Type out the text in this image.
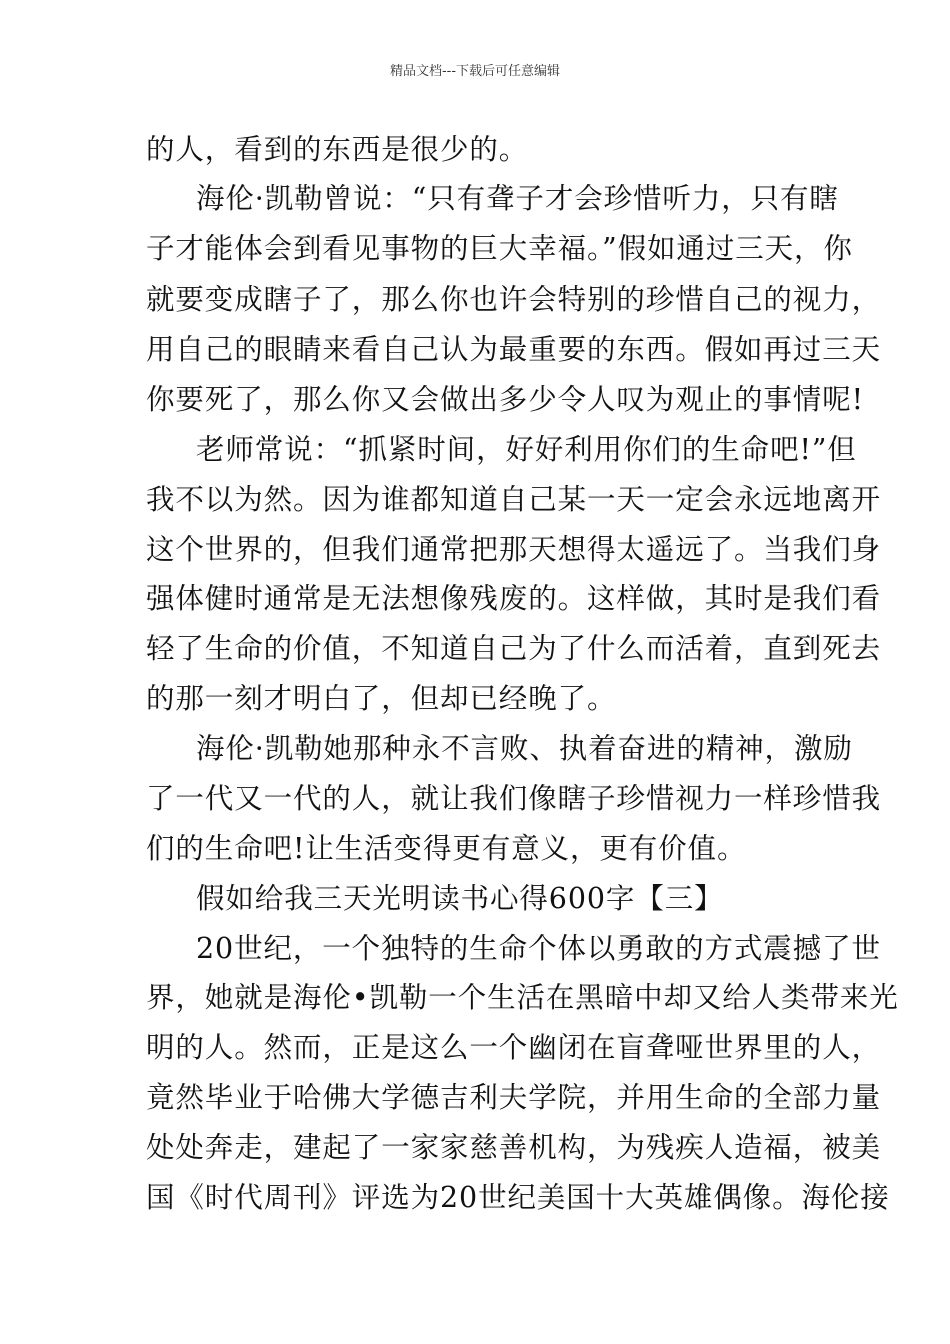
精品文档---下载后可任意编辑
的人，看到的东西是很少的。
海伦·凯勒曾说：“只有聋子才会珍惜听力，只有瞎
子才能体会到看见事物的巨大幸福。”假如通过三天，你
就要变成瞎子了，那么你也许会特别的珍惜自己的视力，
用自己的眼睛来看自己认为最重要的东西。假如再过三天
你要死了，那么你又会做出多少令人叹为观止的事情呢!
老师常说：“抓紧时间，好好利用你们的生命吧!”但
我不以为然。因为谁都知道自己某一天一定会永远地离开
这个世界的，但我们通常把那天想得太遥远了。当我们身
强体健时通常是无法想像残废的。这样做，其时是我们看
轻了生命的价值，不知道自己为了什么而活着，直到死去
的那一刻才明白了，但却已经晚了。
海伦·凯勒她那种永不言败、执着奋进的精神，激励
了一代又一代的人，就让我们像瞎子珍惜视力一样珍惜我
们的生命吧!让生活变得更有意义，更有价值。
假如给我三天光明读书心得600字【三】
20世纪，一个独特的生命个体以勇敢的方式震撼了世
界，她就是海伦•凯勒一个生活在黑暗中却又给人类带来光
明的人。然而，正是这么一个幽闭在盲聋哑世界里的人，
竟然毕业于哈佛大学德吉利夫学院，并用生命的全部力量
处处奔走，建起了一家家慈善机构，为残疾人造福，被美
国《时代周刊》评选为20世纪美国十大英雄偶像。海伦接
